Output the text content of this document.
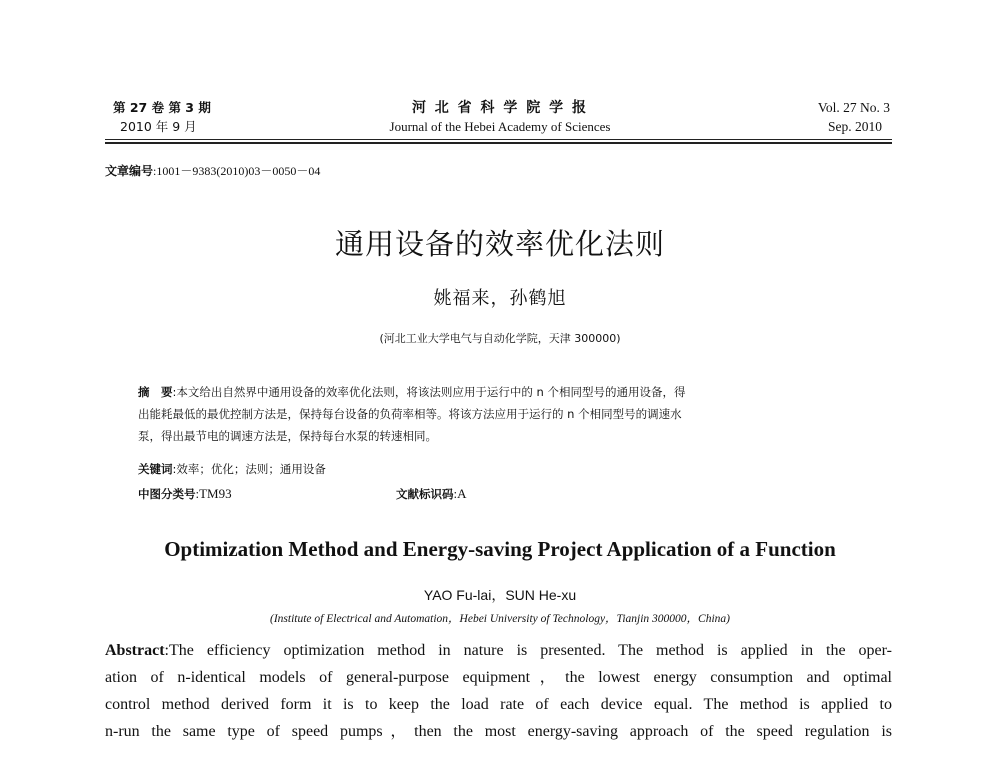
第 27 卷 第 3 期
2010 年 9 月
河 北 省 科 学 院 学 报
Journal of the Hebei Academy of Sciences
Vol. 27 No. 3
Sep. 2010
文章编号:1001－9383(2010)03－0050－04
通用设备的效率优化法则
姚福来，孙鹤旭
(河北工业大学电气与自动化学院，天津 300000)
摘　要:本文给出自然界中通用设备的效率优化法则，将该法则应用于运行中的 n 个相同型号的通用设备，得
出能耗最低的最优控制方法是，保持每台设备的负荷率相等。将该方法应用于运行的 n 个相同型号的调速水
泵，得出最节电的调速方法是，保持每台水泵的转速相同。
关键词:效率；优化；法则；通用设备
中图分类号:TM93	文献标识码:A
Optimization Method and Energy-saving Project Application of a Function
YAO Fu-lai，SUN He-xu
(Institute of Electrical and Automation，Hebei University of Technology，Tianjin 300000，China)
Abstract:The efficiency optimization method in nature is presented. The method is applied in the oper-
ation of n-identical models of general-purpose equipment，the lowest energy consumption and optimal
control method derived form it is to keep the load rate of each device equal. The method is applied to
n-run the same type of speed pumps，then the most energy-saving approach of the speed regulation is
